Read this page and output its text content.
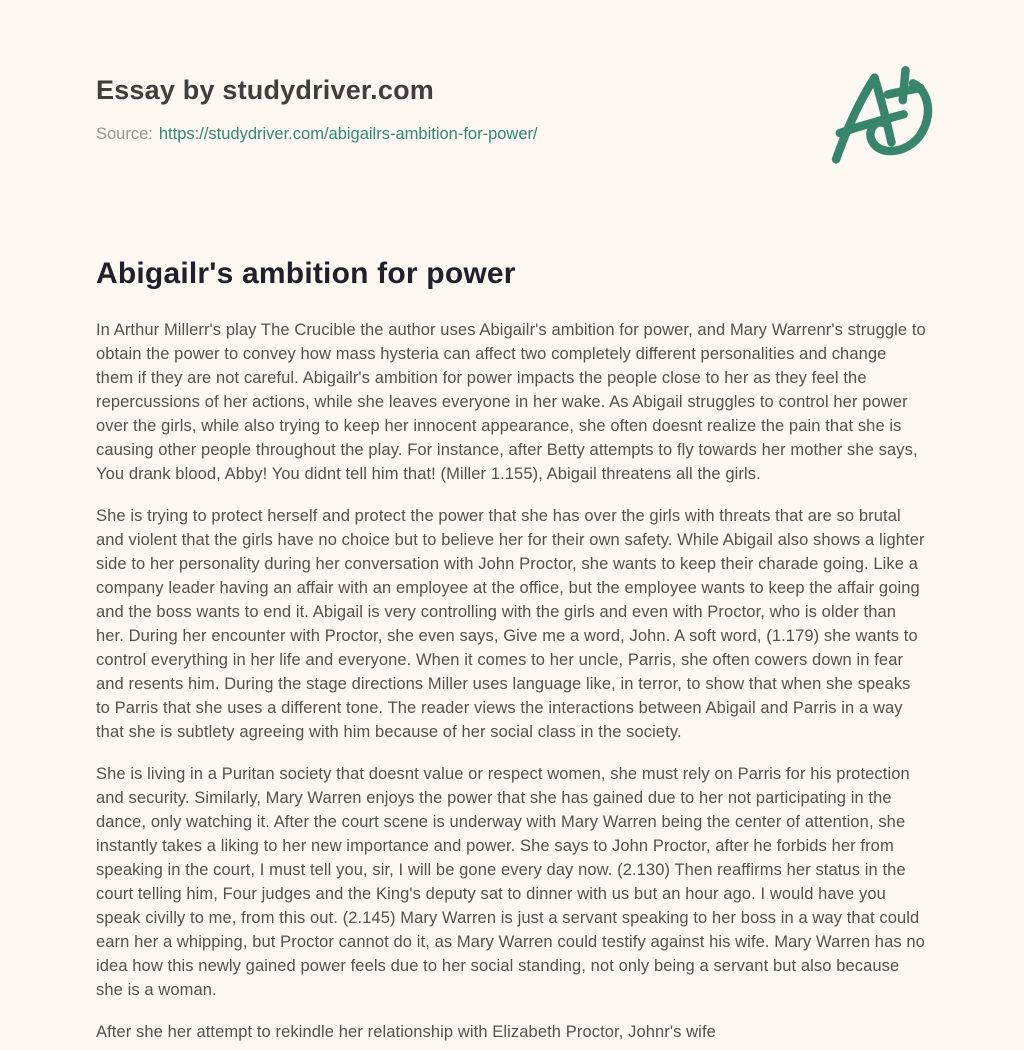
Essay by studydriver.com
Source: https://studydriver.com/abigailrs-ambition-for-power/
Abigailr's ambition for power

In Arthur Millerr's play The Crucible the author uses Abigailr's ambition for power, and Mary Warrenr's struggle to obtain the power to convey how mass hysteria can affect two completely different personalities and change them if they are not careful. Abigailr's ambition for power impacts the people close to her as they feel the repercussions of her actions, while she leaves everyone in her wake. As Abigail struggles to control her power over the girls, while also trying to keep her innocent appearance, she often doesnt realize the pain that she is causing other people throughout the play. For instance, after Betty attempts to fly towards her mother she says, You drank blood, Abby! You didnt tell him that! (Miller 1.155), Abigail threatens all the girls.

She is trying to protect herself and protect the power that she has over the girls with threats that are so brutal and violent that the girls have no choice but to believe her for their own safety. While Abigail also shows a lighter side to her personality during her conversation with John Proctor, she wants to keep their charade going. Like a company leader having an affair with an employee at the office, but the employee wants to keep the affair going and the boss wants to end it. Abigail is very controlling with the girls and even with Proctor, who is older than her. During her encounter with Proctor, she even says, Give me a word, John. A soft word, (1.179) she wants to control everything in her life and everyone. When it comes to her uncle, Parris, she often cowers down in fear and resents him. During the stage directions Miller uses language like, in terror, to show that when she speaks to Parris that she uses a different tone. The reader views the interactions between Abigail and Parris in a way that she is subtlety agreeing with him because of her social class in the society.

She is living in a Puritan society that doesnt value or respect women, she must rely on Parris for his protection and security. Similarly, Mary Warren enjoys the power that she has gained due to her not participating in the dance, only watching it. After the court scene is underway with Mary Warren being the center of attention, she instantly takes a liking to her new importance and power. She says to John Proctor, after he forbids her from speaking in the court, I must tell you, sir, I will be gone every day now. (2.130) Then reaffirms her status in the court telling him, Four judges and the King's deputy sat to dinner with us but an hour ago. I would have you speak civilly to me, from this out. (2.145) Mary Warren is just a servant speaking to her boss in a way that could earn her a whipping, but Proctor cannot do it, as Mary Warren could testify against his wife. Mary Warren has no idea how this newly gained power feels due to her social standing, not only being a servant but also because she is a woman.

After she her attempt to rekindle her relationship with Elizabeth Proctor, Johnr's wife
